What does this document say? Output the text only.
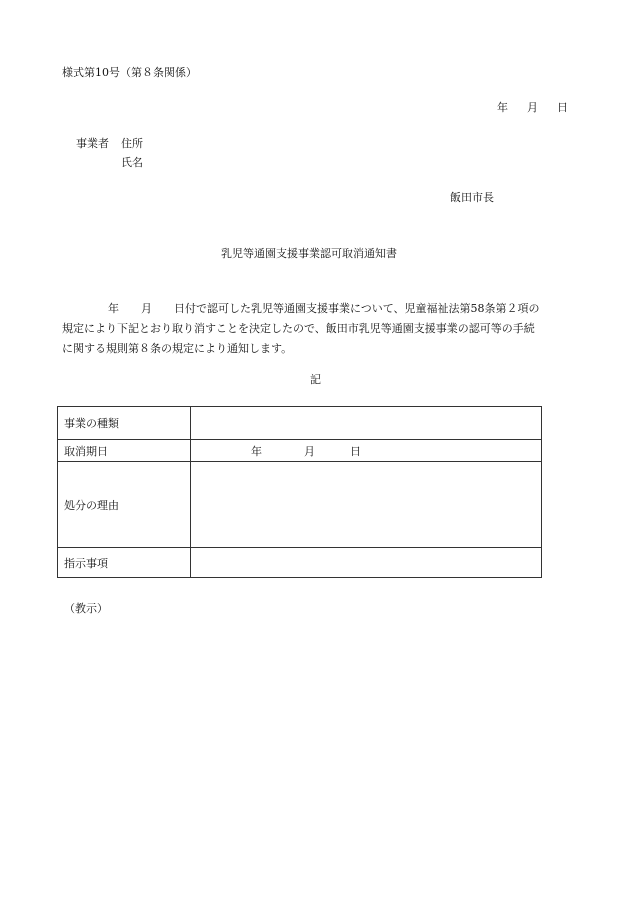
様式第10号（第８条関係）
年 月 日
事業者 住所
氏名
飯田市長
乳児等通園支援事業認可取消通知書
年 月 日付で認可した乳児等通園支援事業について、児童福祉法第58条第２項の
規定により下記とおり取り消すことを決定したので、飯田市乳児等通園支援事業の認可等の手続
に関する規則第８条の規定により通知します。
記
事業の種類	
取消期日	年 月 日
処分の理由	
指示事項	
（教示）
